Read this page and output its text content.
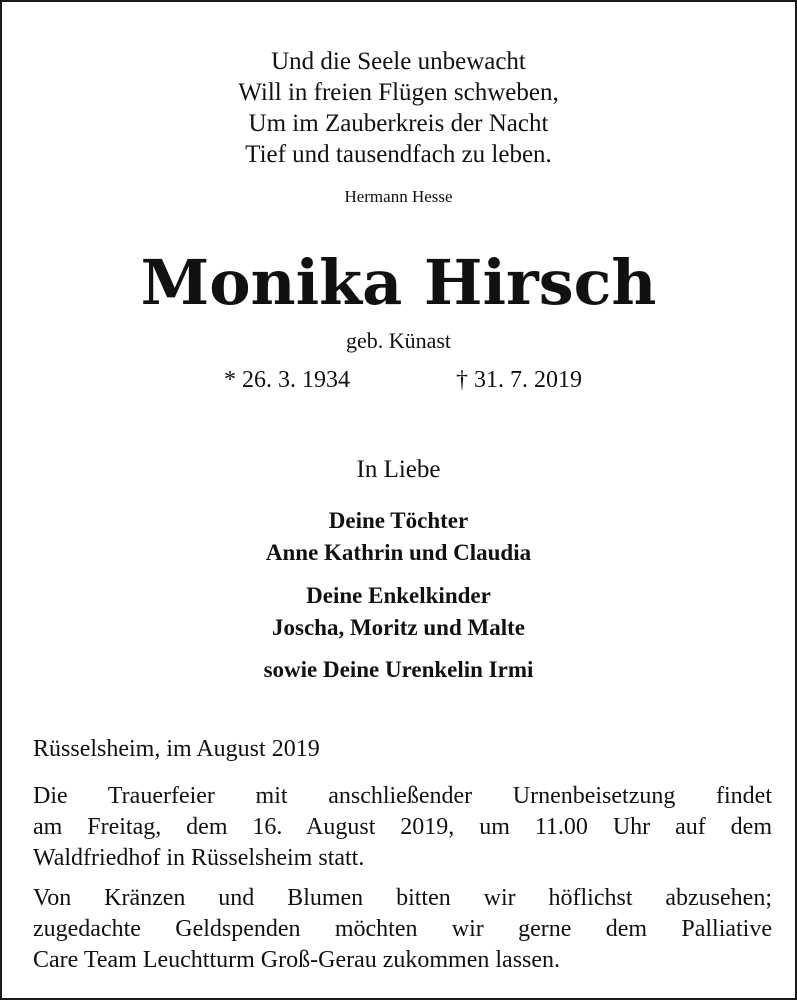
Und die Seele unbewacht
Will in freien Flügen schweben,
Um im Zauberkreis der Nacht
Tief und tausendfach zu leben.
Hermann Hesse
Monika Hirsch
geb. Künast
* 26. 3. 1934	† 31. 7. 2019
In Liebe
Deine Töchter
Anne Kathrin und Claudia
Deine Enkelkinder
Joscha, Moritz und Malte
sowie Deine Urenkelin Irmi
Rüsselsheim, im August 2019
Die Trauerfeier mit anschließender Urnenbeisetzung findet
am Freitag, dem 16. August 2019, um 11.00 Uhr auf dem
Waldfriedhof in Rüsselsheim statt.
Von Kränzen und Blumen bitten wir höflichst abzusehen;
zugedachte Geldspenden möchten wir gerne dem Palliative
Care Team Leuchtturm Groß-Gerau zukommen lassen.
